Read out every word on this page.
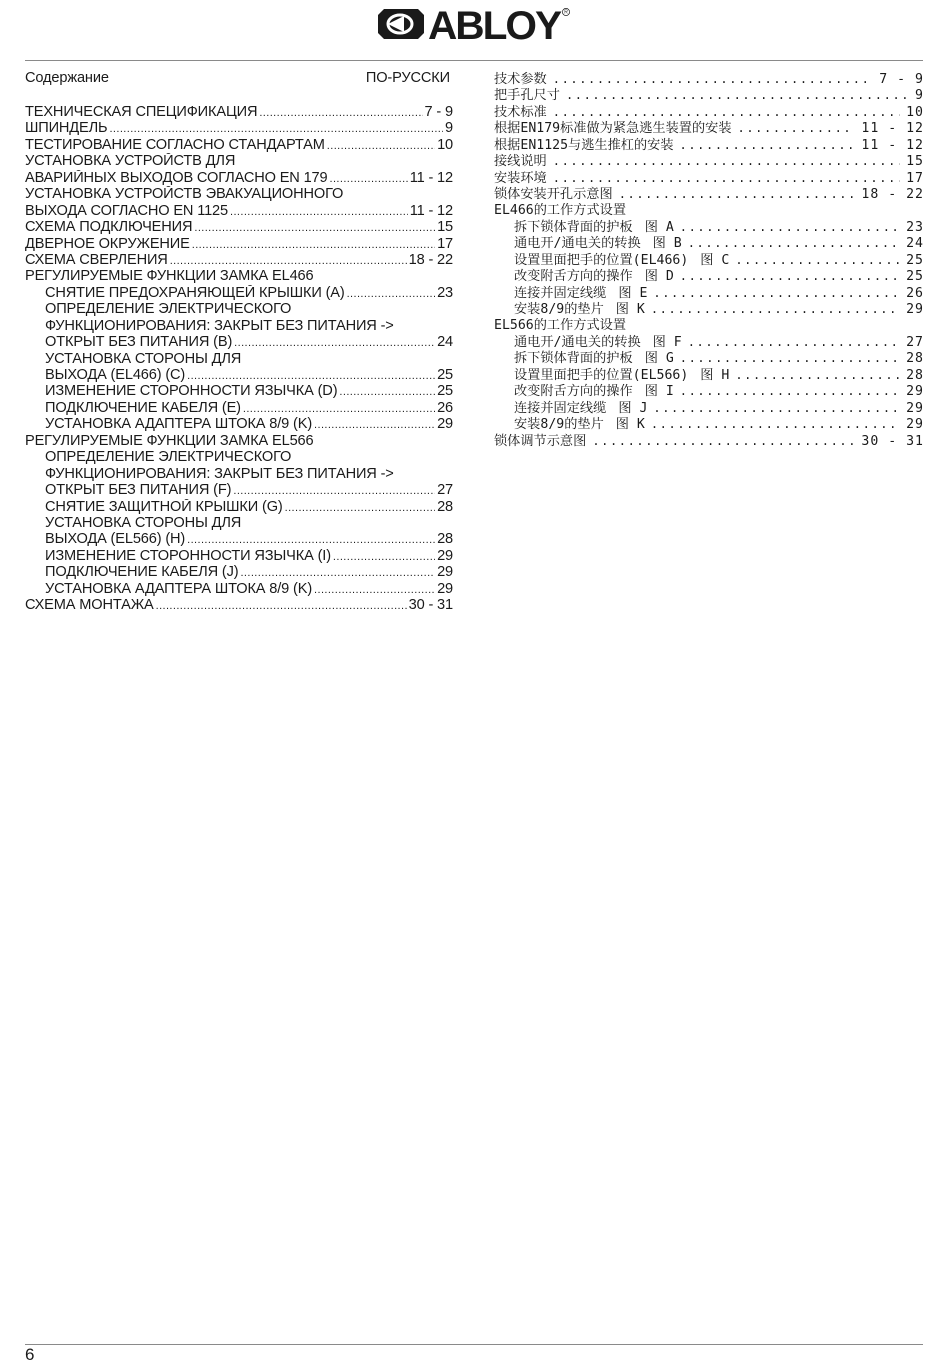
ABLOY R
Содержание	ПО-РУССКИ
ТЕХНИЧЕСКАЯ СПЕЦИФИКАЦИЯ .....	7 - 9
ШПИНДЕЛЬ .....	9
ТЕСТИРОВАНИЕ СОГЛАСНО СТАНДАРТАМ .....	10
УСТАНОВКА УСТРОЙСТВ ДЛЯ
АВАРИЙНЫХ ВЫХОДОВ СОГЛАСНО EN 179 .....	11 - 12
УСТАНОВКА УСТРОЙСТВ ЭВАКУАЦИОННОГО
ВЫХОДА СОГЛАСНО EN 1125 .....	11 - 12
СХЕМА ПОДКЛЮЧЕНИЯ .....	15
ДВЕРНОЕ ОКРУЖЕНИЕ .....	17
СХЕМА СВЕРЛЕНИЯ .....	18 - 22
РЕГУЛИРУЕМЫЕ ФУНКЦИИ ЗАМКА EL466
СНЯТИЕ ПРЕДОХРАНЯЮЩЕЙ КРЫШКИ (A) .....	23
ОПРЕДЕЛЕНИЕ ЭЛЕКТРИЧЕСКОГО
ФУНКЦИОНИРОВАНИЯ: ЗАКРЫТ БЕЗ ПИТАНИЯ ->
ОТКРЫТ БЕЗ ПИТАНИЯ (B) .....	24
УСТАНОВКА СТОРОНЫ ДЛЯ
ВЫХОДА (EL466) (C) .....	25
ИЗМЕНЕНИЕ СТОРОННОСТИ ЯЗЫЧКА (D) .....	25
ПОДКЛЮЧЕНИЕ КАБЕЛЯ (E) .....	26
УСТАНОВКА АДАПТЕРА ШТОКА 8/9 (K) .....	29
РЕГУЛИРУЕМЫЕ ФУНКЦИИ ЗАМКА EL566
ОПРЕДЕЛЕНИЕ ЭЛЕКТРИЧЕСКОГО
ФУНКЦИОНИРОВАНИЯ: ЗАКРЫТ БЕЗ ПИТАНИЯ ->
ОТКРЫТ БЕЗ ПИТАНИЯ (F) .....	27
СНЯТИЕ ЗАЩИТНОЙ КРЫШКИ (G) .....	28
УСТАНОВКА СТОРОНЫ ДЛЯ
ВЫХОДА (EL566) (H) .....	28
ИЗМЕНЕНИЕ СТОРОННОСТИ ЯЗЫЧКА (I) .....	29
ПОДКЛЮЧЕНИЕ КАБЕЛЯ (J) .....	29
УСТАНОВКА АДАПТЕРА ШТОКА 8/9 (K) .....	29
СХЕМА МОНТАЖА .....	30 - 31
技术参数 .....	7 - 9
把手孔尺寸 .....	9
技术标准 .....	10
根据EN179标准做为紧急逃生装置的安装 .....	11 - 12
根据EN1125与逃生推杠的安装 .....	11 - 12
接线说明 .....	15
安装环境 .....	17
锁体安装开孔示意图 .....	18 - 22
EL466的工作方式设置
拆下锁体背面的护板 图 A .....	23
通电开/通电关的转换 图 B .....	24
设置里面把手的位置(EL466) 图 C .....	25
改变附舌方向的操作 图 D .....	25
连接并固定线缆 图 E .....	26
安装8/9的垫片 图 K .....	29
EL566的工作方式设置
通电开/通电关的转换 图 F .....	27
拆下锁体背面的护板 图 G .....	28
设置里面把手的位置(EL566) 图 H .....	28
改变附舌方向的操作 图 I .....	29
连接并固定线缆 图 J .....	29
安装8/9的垫片 图 K .....	29
锁体调节示意图 .....	30 - 31
6
